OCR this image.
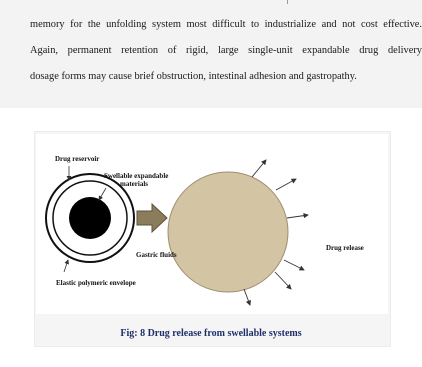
memory for the unfolding system most difficult to industrialize and not cost effective.
Again, permanent retention of rigid, large single-unit expandable drug delivery
dosage forms may cause brief obstruction, intestinal adhesion and gastropathy.
Drug reservoir
Swellable expandable
materials
Gastric fluids
Drug release
Elastic polymeric envelope
Fig: 8 Drug release from swellable systems
